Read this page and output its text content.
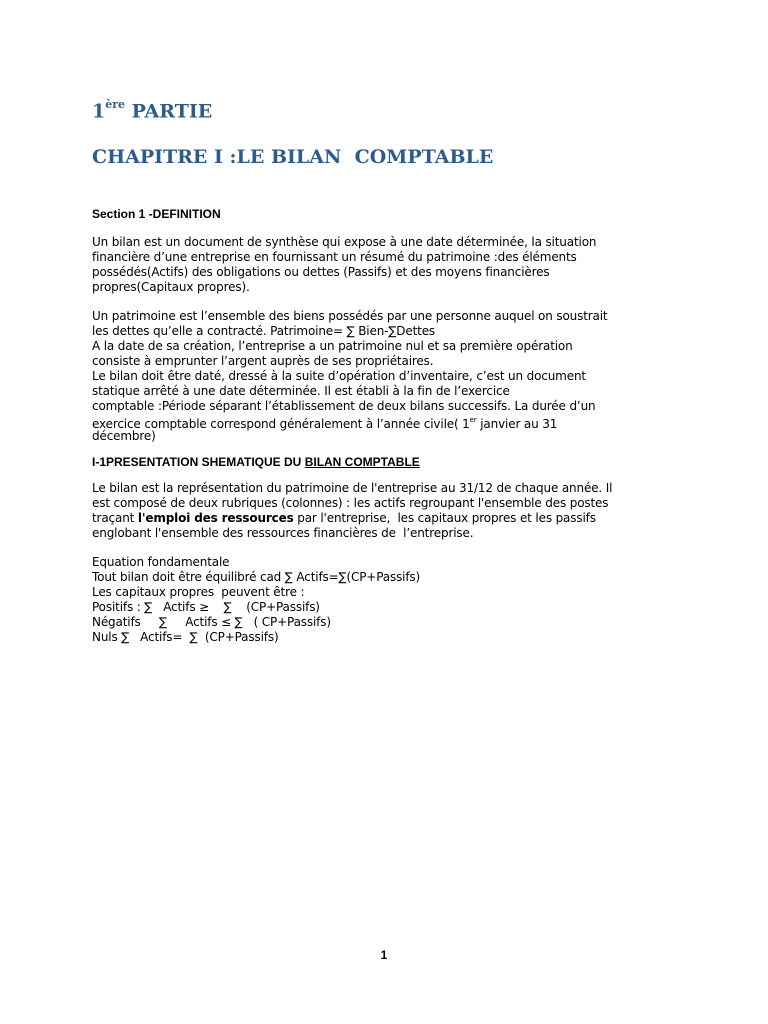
1ère PARTIE
CHAPITRE I :LE BILAN  COMPTABLE
Section 1 -DEFINITION
Un bilan est un document de synthèse qui expose à une date déterminée, la situation
financière d’une entreprise en fournissant un résumé du patrimoine :des éléments
possédés(Actifs) des obligations ou dettes (Passifs) et des moyens financières
propres(Capitaux propres).
Un patrimoine est l’ensemble des biens possédés par une personne auquel on soustrait
les dettes qu’elle a contracté. Patrimoine= ∑ Bien-∑Dettes
A la date de sa création, l’entreprise a un patrimoine nul et sa première opération
consiste à emprunter l’argent auprès de ses propriétaires.
Le bilan doit être daté, dressé à la suite d’opération d’inventaire, c’est un document
statique arrêté à une date déterminée. Il est établi à la fin de l’exercice
comptable :Période séparant l’établissement de deux bilans successifs. La durée d’un
exercice comptable correspond généralement à l’année civile( 1er janvier au 31
décembre)
I-1PRESENTATION SHEMATIQUE DU BILAN COMPTABLE
Le bilan est la représentation du patrimoine de l'entreprise au 31/12 de chaque année. Il
est composé de deux rubriques (colonnes) : les actifs regroupant l'ensemble des postes
traçant l'emploi des ressources par l'entreprise,  les capitaux propres et les passifs
englobant l'ensemble des ressources financières de  l’entreprise.
Equation fondamentale
Tout bilan doit être équilibré cad ∑ Actifs=∑(CP+Passifs)
Les capitaux propres  peuvent être :
Positifs : ∑   Actifs ≥    ∑    (CP+Passifs)
Négatifs     ∑     Actifs ≤ ∑   ( CP+Passifs)
Nuls ∑   Actifs=  ∑  (CP+Passifs)
1
